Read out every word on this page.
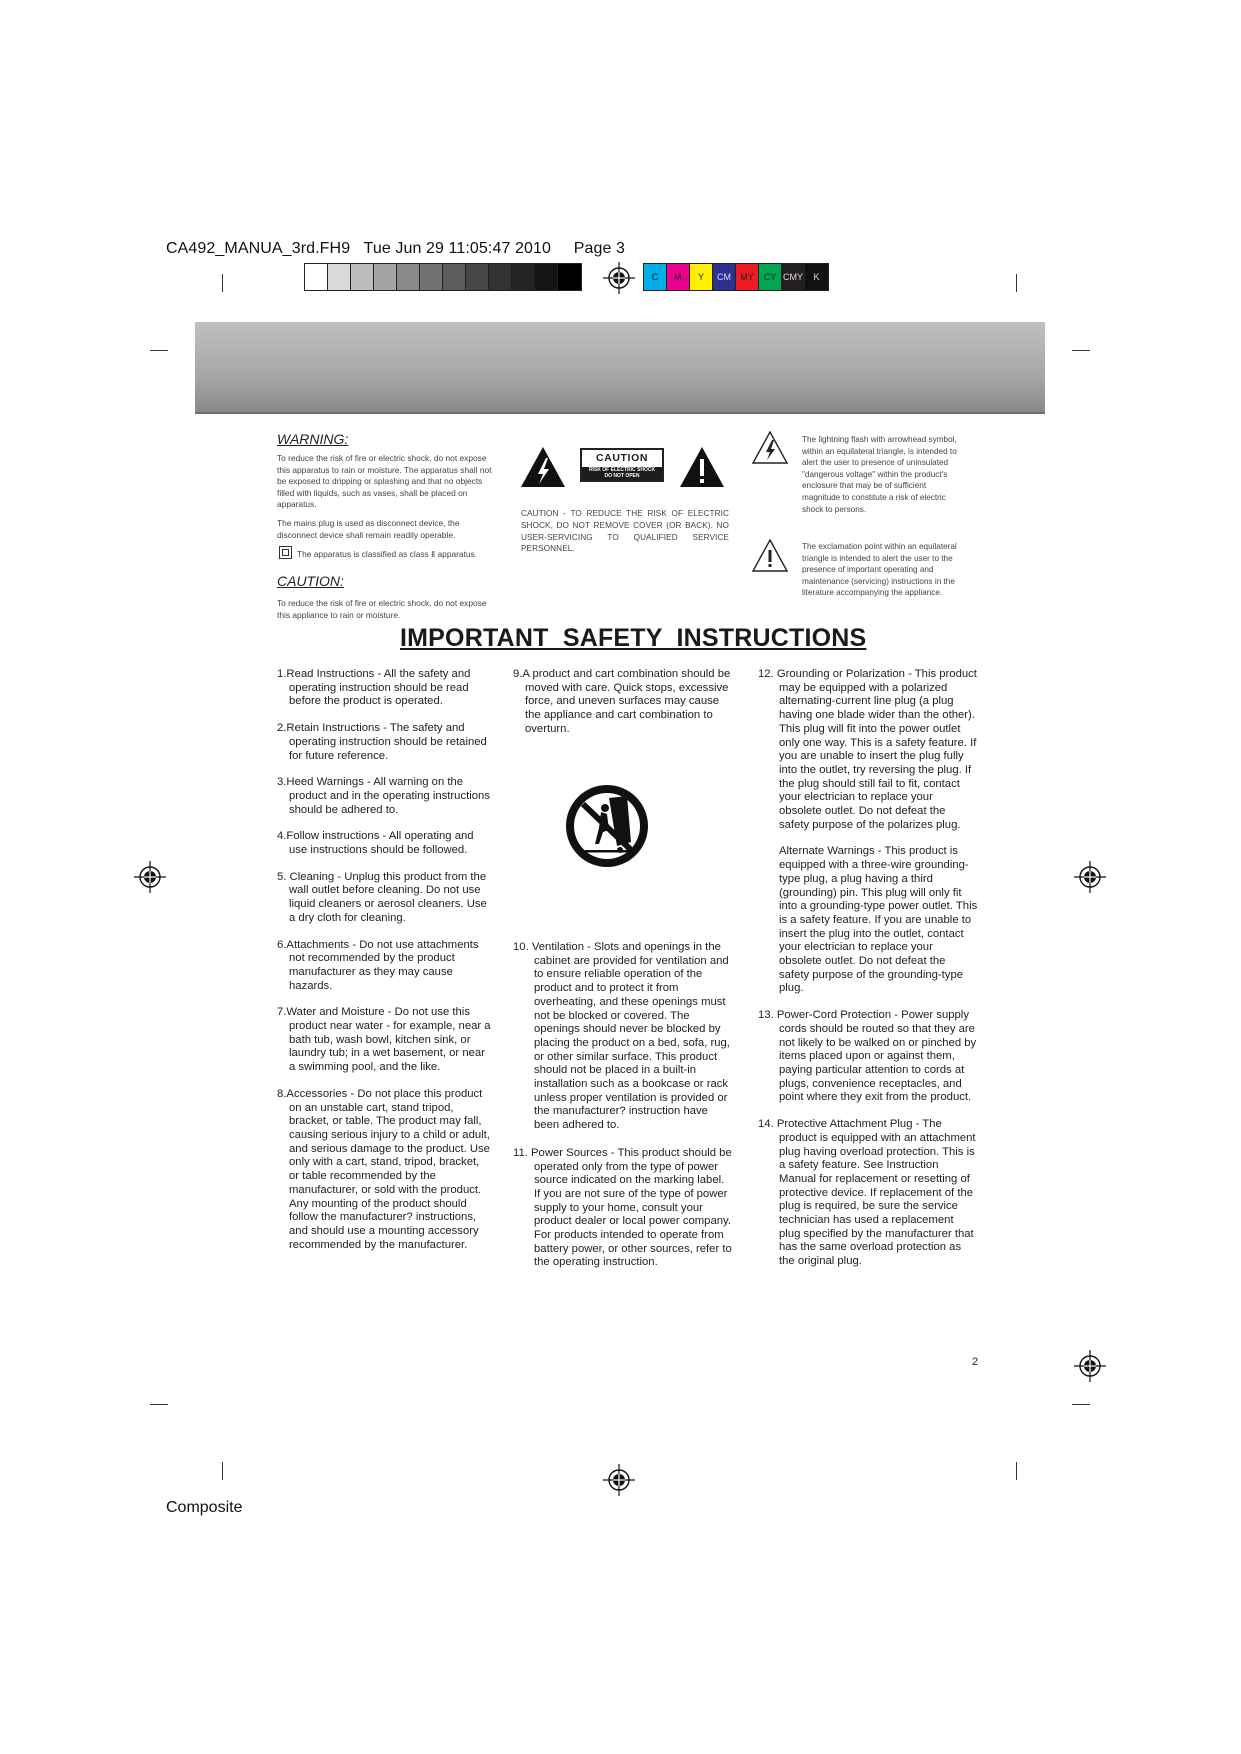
CA492_MANUA_3rd.FH9   Tue Jun 29 11:05:47 2010     Page 3
C	M	Y	CM	MY	CY CMY	K
WARNING:
To reduce the risk of fire or electric shock, do not expose this apparatus to rain or moisture. The apparatus shall not be exposed to dripping or splashing and that no objects filled with liquids, such as vases, shall be placed on apparatus.
The mains plug is used as disconnect device, the disconnect device shall remain readily operable.
The apparatus is classified as class Ⅱ apparatus.
CAUTION:
To reduce the risk of fire or electric shock, do not expose this appliance to rain or moisture.
CAUTION
RISK OF ELECTRIC SHOCK
DO NOT OPEN
CAUTION - TO REDUCE THE RISK OF ELECTRIC SHOCK, DO NOT REMOVE COVER (OR BACK). NO USER-SERVICING TO QUALIFIED SERVICE PERSONNEL.
The lightning flash with arrowhead symbol, within an equilateral triangle, is intended to alert the user to presence of uninsulated "dangerous voltage" within the product's enclosure that may be of sufficient magnitude to constitute a risk of electric shock to persons.
The exclamation point within an equilateral triangle is intended to alert the user to the presence of important operating and maintenance (servicing) instructions in the literature accompanying the appliance.
IMPORTANT  SAFETY  INSTRUCTIONS
1.Read Instructions - All the safety and operating instruction should be read before the product is operated.
2.Retain Instructions - The safety and operating instruction should be retained for future reference.
3.Heed Warnings - All warning on the product and in the operating instructions should be adhered to.
4.Follow instructions - All operating and use instructions should be followed.
5. Cleaning - Unplug this product from the wall outlet before cleaning. Do not use liquid cleaners or aerosol cleaners. Use a dry cloth for cleaning.
6.Attachments - Do not use attachments not recommended by the product manufacturer as they may cause hazards.
7.Water and Moisture - Do not use this product near water - for example, near a bath tub, wash bowl, kitchen sink, or laundry tub; in a wet basement, or near a swimming pool, and the like.
8.Accessories - Do not place this product on an unstable cart, stand tripod, bracket, or table. The product may fall, causing serious injury to a child or adult, and serious damage to the product. Use only with a cart, stand, tripod, bracket, or table recommended by the manufacturer, or sold with the product. Any mounting of the product should follow the manufacturer? instructions, and should use a mounting accessory recommended by the manufacturer.
9.A product and cart combination should be moved with care. Quick stops, excessive force, and uneven surfaces may cause the appliance and cart combination to overturn.
10. Ventilation - Slots and openings in the cabinet are provided for ventilation and to ensure reliable operation of the product and to protect it from overheating, and these openings must not be blocked or covered. The openings should never be blocked by placing the product on a bed, sofa, rug, or other similar surface. This product should not be placed in a built-in installation such as a bookcase or rack unless proper ventilation is provided or the manufacturer? instruction have been adhered to.
11. Power Sources - This product should be operated only from the type of power source indicated on the marking label. If you are not sure of the type of power supply to your home, consult your product dealer or local power company. For products intended to operate from battery power, or other sources, refer to the operating instruction.
12. Grounding or Polarization - This product may be equipped with a polarized alternating-current line plug (a plug having one blade wider than the other). This plug will fit into the power outlet only one way. This is a safety feature. If you are unable to insert the plug fully into the outlet, try reversing the plug. If the plug should still fail to fit, contact your electrician to replace your obsolete outlet. Do not defeat the safety purpose of the polarizes plug.
Alternate Warnings - This product is equipped with a three-wire grounding-type plug, a plug having a third (grounding) pin. This plug will only fit into a grounding-type power outlet. This is a safety feature. If you are unable to insert the plug into the outlet, contact your electrician to replace your obsolete outlet. Do not defeat the safety purpose of the grounding-type plug.
13. Power-Cord Protection - Power supply cords should be routed so that they are not likely to be walked on or pinched by items placed upon or against them, paying particular attention to cords at plugs, convenience receptacles, and point where they exit from the product.
14. Protective Attachment Plug - The product is equipped with an attachment plug having overload protection. This is a safety feature. See Instruction Manual for replacement or resetting of protective device. If replacement of the plug is required, be sure the service technician has used a replacement plug specified by the manufacturer that has the same overload protection as the original plug.
2
Composite
